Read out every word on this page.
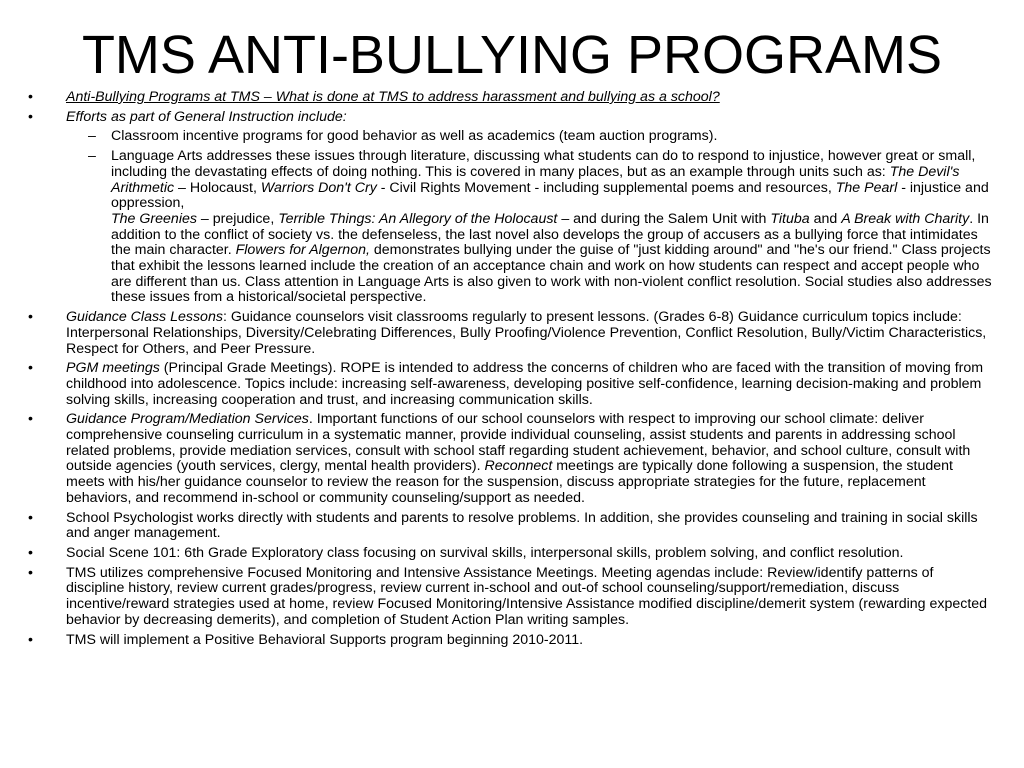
TMS ANTI-BULLYING PROGRAMS
• Anti-Bullying Programs at TMS – What is done at TMS to address harassment and bullying as a school?
• Efforts as part of General Instruction include:
– Classroom incentive programs for good behavior as well as academics (team auction programs).
– Language Arts addresses these issues through literature, discussing what students can do to respond to injustice, however great or small, including the devastating effects of doing nothing. This is covered in many places, but as an example through units such as: The Devil's Arithmetic – Holocaust, Warriors Don't Cry - Civil Rights Movement - including supplemental poems and resources, The Pearl - injustice and oppression,
The Greenies – prejudice, Terrible Things: An Allegory of the Holocaust – and during the Salem Unit with Tituba and A Break with Charity. In addition to the conflict of society vs. the defenseless, the last novel also develops the group of accusers as a bullying force that intimidates the main character. Flowers for Algernon, demonstrates bullying under the guise of "just kidding around" and "he's our friend." Class projects that exhibit the lessons learned include the creation of an acceptance chain and work on how students can respect and accept people who are different than us. Class attention in Language Arts is also given to work with non-violent conflict resolution. Social studies also addresses these issues from a historical/societal perspective.
• Guidance Class Lessons: Guidance counselors visit classrooms regularly to present lessons. (Grades 6-8) Guidance curriculum topics include: Interpersonal Relationships, Diversity/Celebrating Differences, Bully Proofing/Violence Prevention, Conflict Resolution, Bully/Victim Characteristics, Respect for Others, and Peer Pressure.
• PGM meetings (Principal Grade Meetings). ROPE is intended to address the concerns of children who are faced with the transition of moving from childhood into adolescence. Topics include: increasing self-awareness, developing positive self-confidence, learning decision-making and problem solving skills, increasing cooperation and trust, and increasing communication skills.
• Guidance Program/Mediation Services. Important functions of our school counselors with respect to improving our school climate: deliver comprehensive counseling curriculum in a systematic manner, provide individual counseling, assist students and parents in addressing school related problems, provide mediation services, consult with school staff regarding student achievement, behavior, and school culture, consult with outside agencies (youth services, clergy, mental health providers). Reconnect meetings are typically done following a suspension, the student meets with his/her guidance counselor to review the reason for the suspension, discuss appropriate strategies for the future, replacement behaviors, and recommend in-school or community counseling/support as needed.
• School Psychologist works directly with students and parents to resolve problems. In addition, she provides counseling and training in social skills and anger management.
• Social Scene 101: 6th Grade Exploratory class focusing on survival skills, interpersonal skills, problem solving, and conflict resolution.
• TMS utilizes comprehensive Focused Monitoring and Intensive Assistance Meetings. Meeting agendas include: Review/identify patterns of discipline history, review current grades/progress, review current in-school and out-of school counseling/support/remediation, discuss incentive/reward strategies used at home, review Focused Monitoring/Intensive Assistance modified discipline/demerit system (rewarding expected behavior by decreasing demerits), and completion of Student Action Plan writing samples.
• TMS will implement a Positive Behavioral Supports program beginning 2010-2011.
